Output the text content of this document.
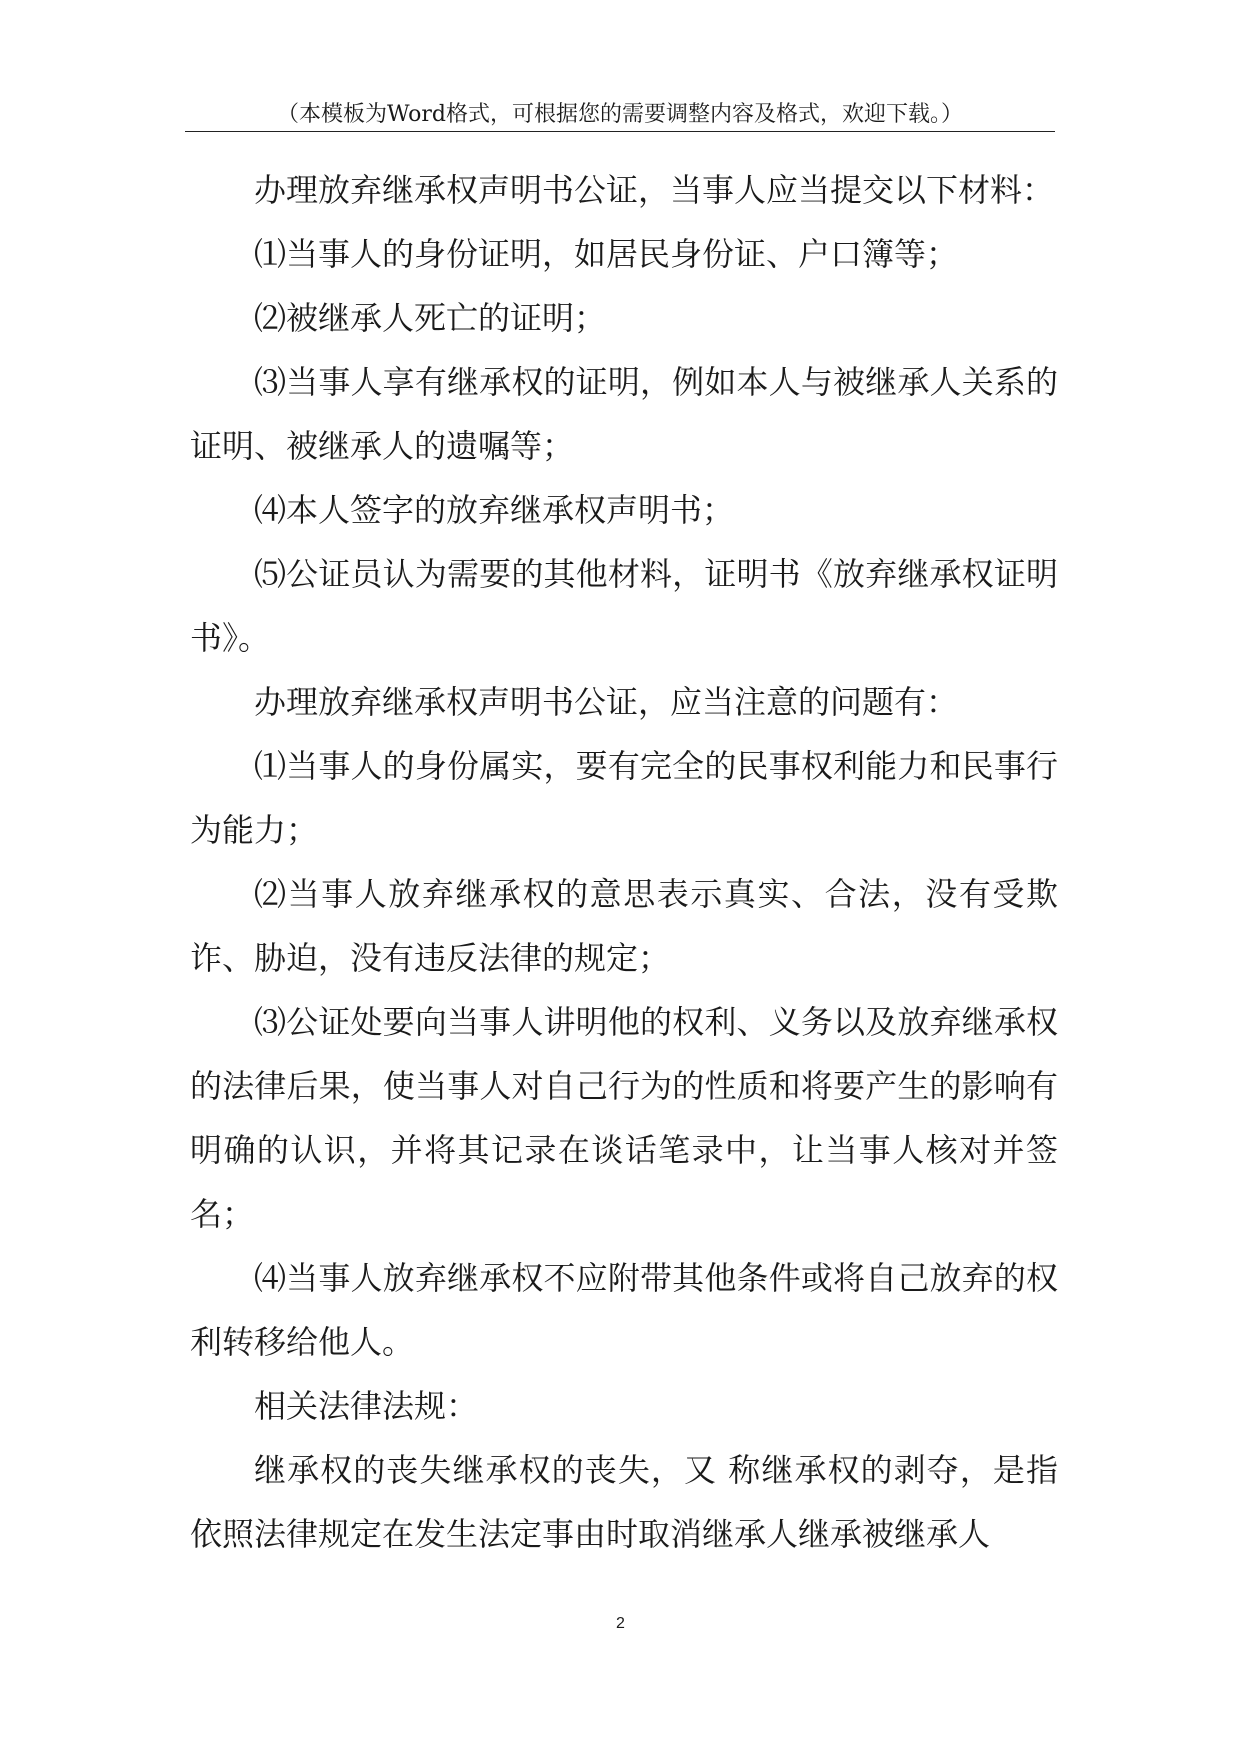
（本模板为Word格式，可根据您的需要调整内容及格式，欢迎下载。）

办理放弃继承权声明书公证，当事人应当提交以下材料：

⑴当事人的身份证明，如居民身份证、户口簿等；

⑵被继承人死亡的证明；

⑶当事人享有继承权的证明，例如本人与被继承人关系的证明、被继承人的遗嘱等；

⑷本人签字的放弃继承权声明书；

⑸公证员认为需要的其他材料，证明书《放弃继承权证明书》。

办理放弃继承权声明书公证，应当注意的问题有：

⑴当事人的身份属实，要有完全的民事权利能力和民事行为能力；

⑵当事人放弃继承权的意思表示真实、合法，没有受欺诈、胁迫，没有违反法律的规定；

⑶公证处要向当事人讲明他的权利、义务以及放弃继承权的法律后果，使当事人对自己行为的性质和将要产生的影响有明确的认识，并将其记录在谈话笔录中，让当事人核对并签名；

⑷当事人放弃继承权不应附带其他条件或将自己放弃的权利转移给他人。

相关法律法规：

继承权的丧失继承权的丧失，又 称继承权的剥夺，是指依照法律规定在发生法定事由时取消继承人继承被继承人

2
